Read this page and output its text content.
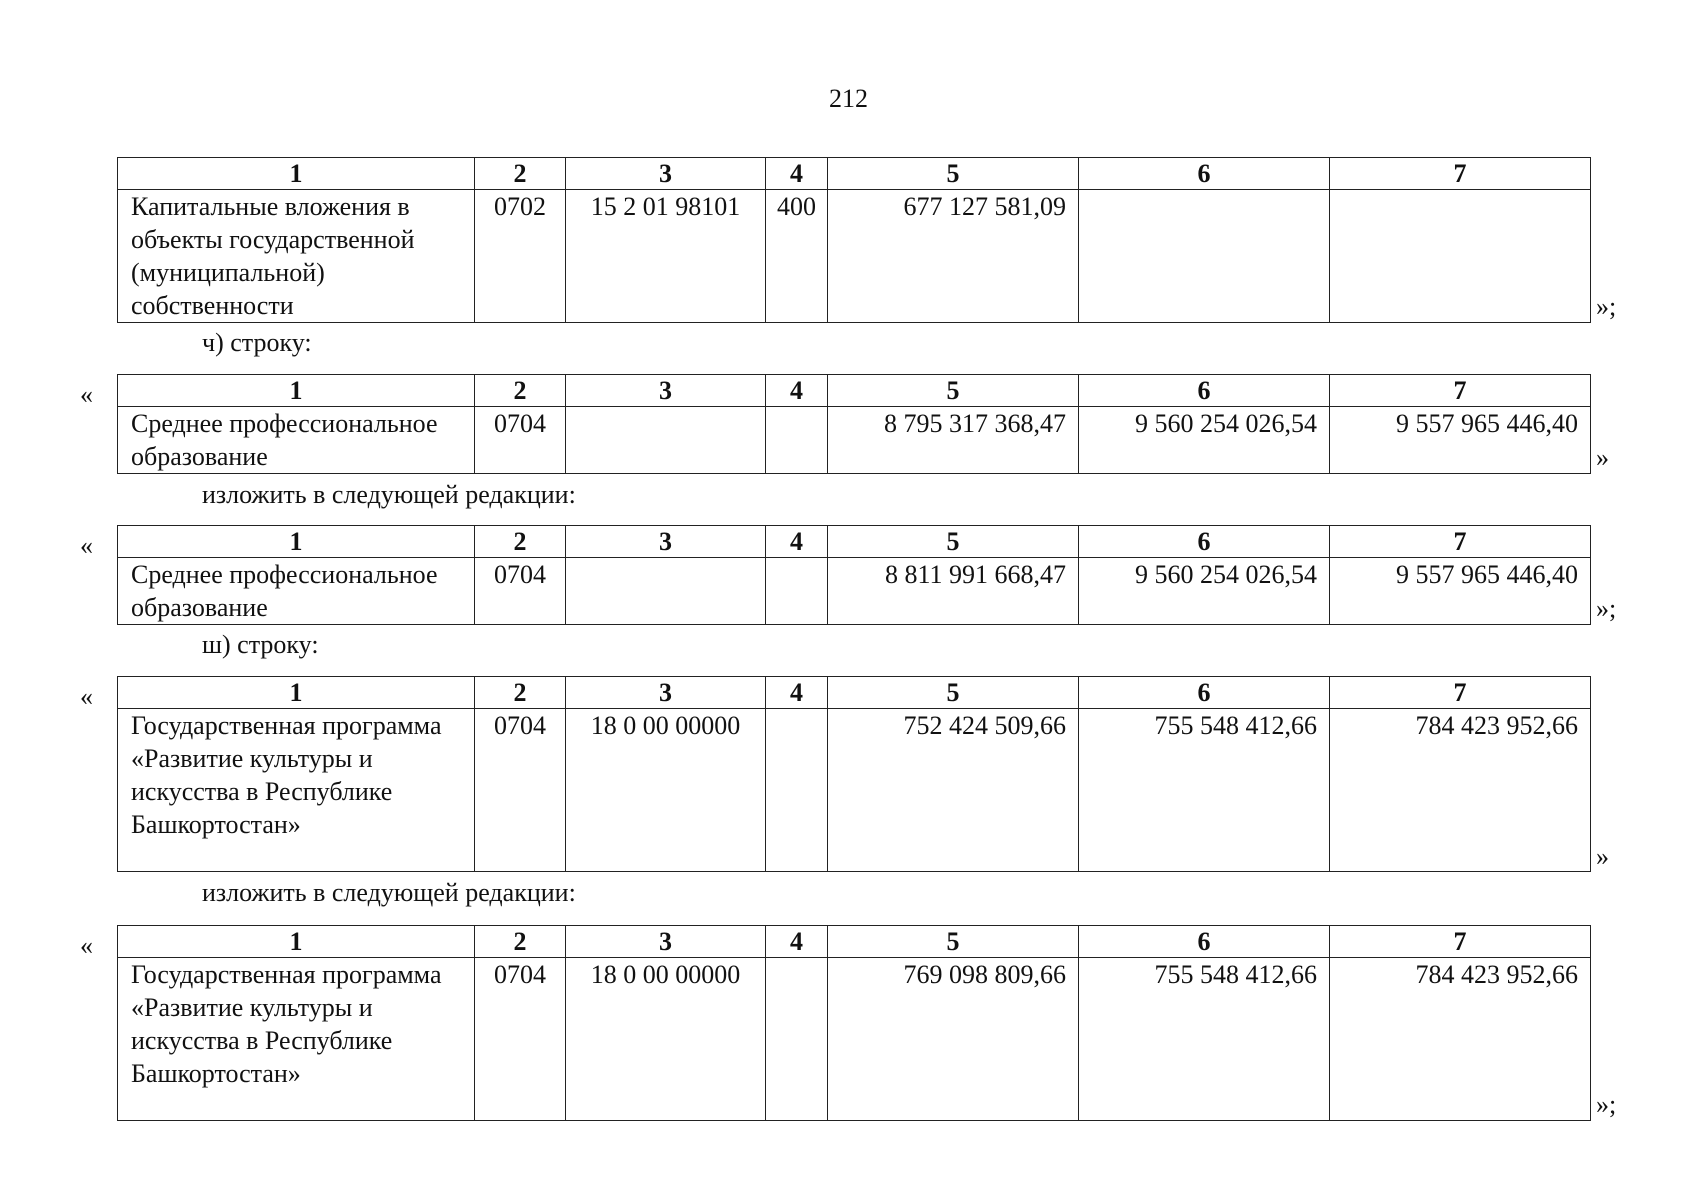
212
1	2	3	4	5	6	7
Капитальные вложения в объекты государственной (муниципальной) собственности	0702	15 2 01 98101	400	677 127 581,09		
»;
ч) строку:
«	1	2	3	4	5	6	7
Среднее профессиональное образование	0704			8 795 317 368,47	9 560 254 026,54	9 557 965 446,40
»
изложить в следующей редакции:
«	1	2	3	4	5	6	7
Среднее профессиональное образование	0704			8 811 991 668,47	9 560 254 026,54	9 557 965 446,40
»;
ш) строку:
«	1	2	3	4	5	6	7
Государственная программа «Развитие культуры и искусства в Республике Башкортостан»	0704	18 0 00 00000		752 424 509,66	755 548 412,66	784 423 952,66
»
изложить в следующей редакции:
«	1	2	3	4	5	6	7
Государственная программа «Развитие культуры и искусства в Республике Башкортостан»	0704	18 0 00 00000		769 098 809,66	755 548 412,66	784 423 952,66
»;
